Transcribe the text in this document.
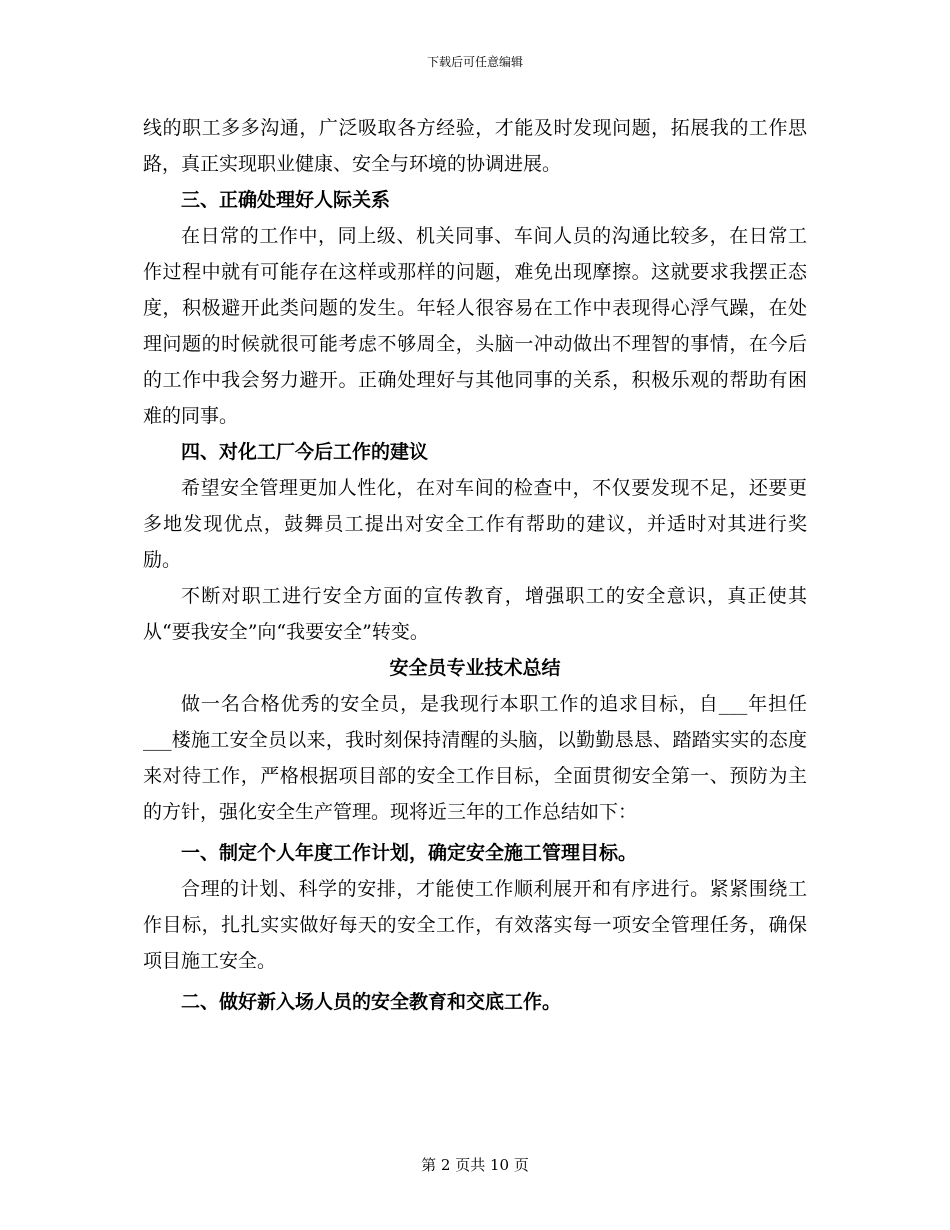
下载后可任意编辑

线的职工多多沟通，广泛吸取各方经验，才能及时发现问题，拓展我的工作思路，真正实现职业健康、安全与环境的协调进展。

三、正确处理好人际关系

在日常的工作中，同上级、机关同事、车间人员的沟通比较多，在日常工作过程中就有可能存在这样或那样的问题，难免出现摩擦。这就要求我摆正态度，积极避开此类问题的发生。年轻人很容易在工作中表现得心浮气躁，在处理问题的时候就很可能考虑不够周全，头脑一冲动做出不理智的事情，在今后的工作中我会努力避开。正确处理好与其他同事的关系，积极乐观的帮助有困难的同事。

四、对化工厂今后工作的建议

希望安全管理更加人性化，在对车间的检查中，不仅要发现不足，还要更多地发现优点，鼓舞员工提出对安全工作有帮助的建议，并适时对其进行奖励。

不断对职工进行安全方面的宣传教育，增强职工的安全意识，真正使其从“要我安全”向“我要安全”转变。

安全员专业技术总结

做一名合格优秀的安全员，是我现行本职工作的追求目标，自___年担任___楼施工安全员以来，我时刻保持清醒的头脑，以勤勤恳恳、踏踏实实的态度来对待工作，严格根据项目部的安全工作目标，全面贯彻安全第一、预防为主的方针，强化安全生产管理。现将近三年的工作总结如下：

一、制定个人年度工作计划，确定安全施工管理目标。

合理的计划、科学的安排，才能使工作顺利展开和有序进行。紧紧围绕工作目标，扎扎实实做好每天的安全工作，有效落实每一项安全管理任务，确保项目施工安全。

二、做好新入场人员的安全教育和交底工作。

第 2 页共 10 页
